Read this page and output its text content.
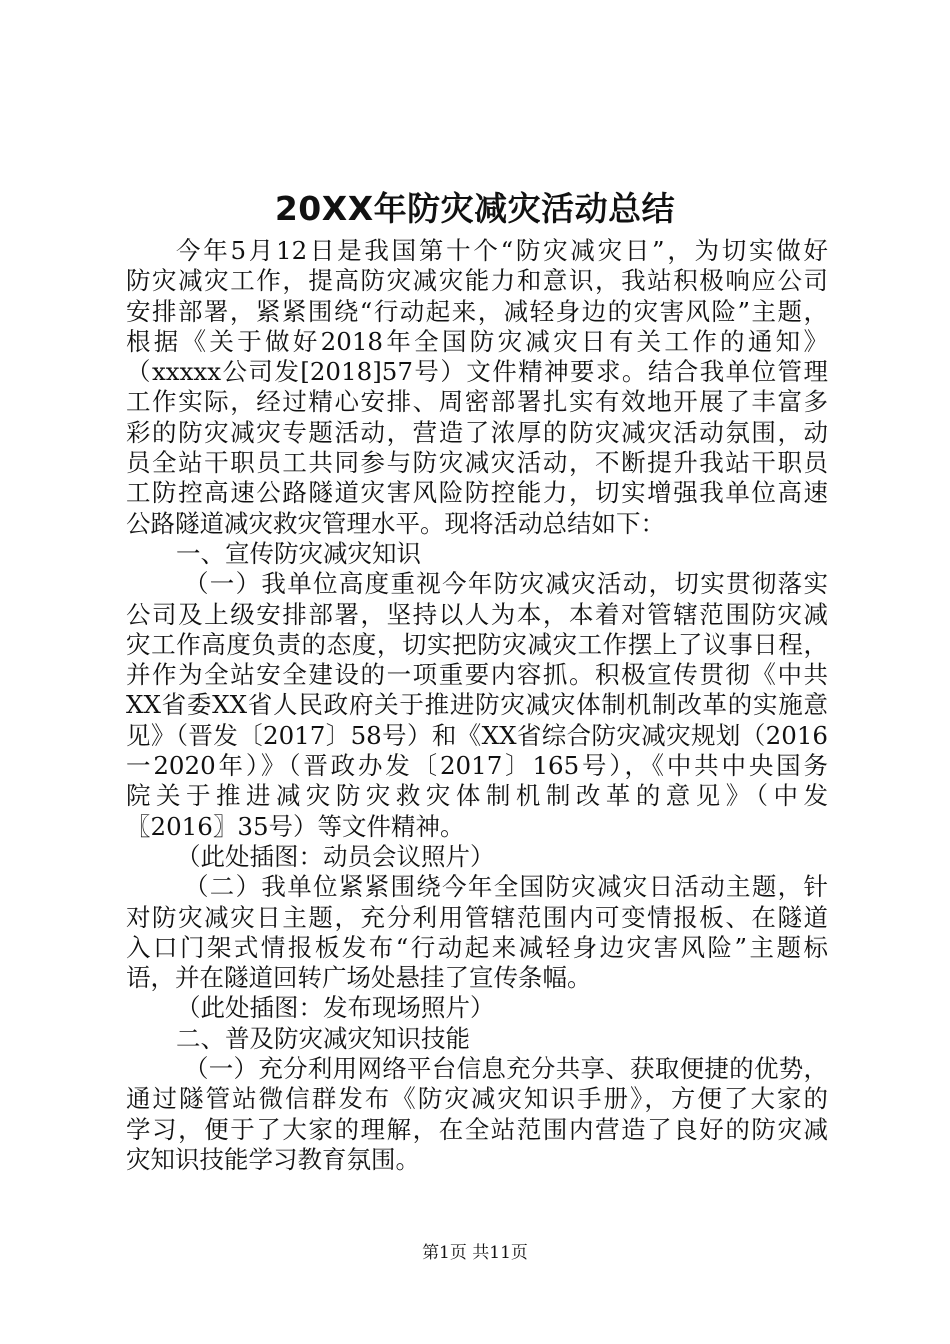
20XX年防灾减灾活动总结
今年5月12日是我国第十个“防灾减灾日”，为切实做好
防灾减灾工作，提高防灾减灾能力和意识，我站积极响应公司
安排部署，紧紧围绕“行动起来，减轻身边的灾害风险”主题，
根据《关于做好2018年全国防灾减灾日有关工作的通知》
（xxxxx公司发[2018]57号）文件精神要求。结合我单位管理
工作实际，经过精心安排、周密部署扎实有效地开展了丰富多
彩的防灾减灾专题活动，营造了浓厚的防灾减灾活动氛围，动
员全站干职员工共同参与防灾减灾活动，不断提升我站干职员
工防控高速公路隧道灾害风险防控能力，切实增强我单位高速
公路隧道减灾救灾管理水平。现将活动总结如下：
一、宣传防灾减灾知识
（一）我单位高度重视今年防灾减灾活动，切实贯彻落实
公司及上级安排部署，坚持以人为本，本着对管辖范围防灾减
灾工作高度负责的态度，切实把防灾减灾工作摆上了议事日程，
并作为全站安全建设的一项重要内容抓。积极宣传贯彻《中共
XX省委XX省人民政府关于推进防灾减灾体制机制改革的实施意
见》（晋发〔2017〕58号）和《XX省综合防灾减灾规划（2016
一2020年）》（晋政办发〔2017〕165号），《中共中央国务
院关于推进减灾防灾救灾体制机制改革的意见》（中发
〖2016〗35号）等文件精神。
（此处插图：动员会议照片）
（二）我单位紧紧围绕今年全国防灾减灾日活动主题，针
对防灾减灾日主题，充分利用管辖范围内可变情报板、在隧道
入口门架式情报板发布“行动起来减轻身边灾害风险”主题标
语，并在隧道回转广场处悬挂了宣传条幅。
（此处插图：发布现场照片）
二、普及防灾减灾知识技能
（一）充分利用网络平台信息充分共享、获取便捷的优势，
通过隧管站微信群发布《防灾减灾知识手册》，方便了大家的
学习，便于了大家的理解，在全站范围内营造了良好的防灾减
灾知识技能学习教育氛围。
第1页 共11页
